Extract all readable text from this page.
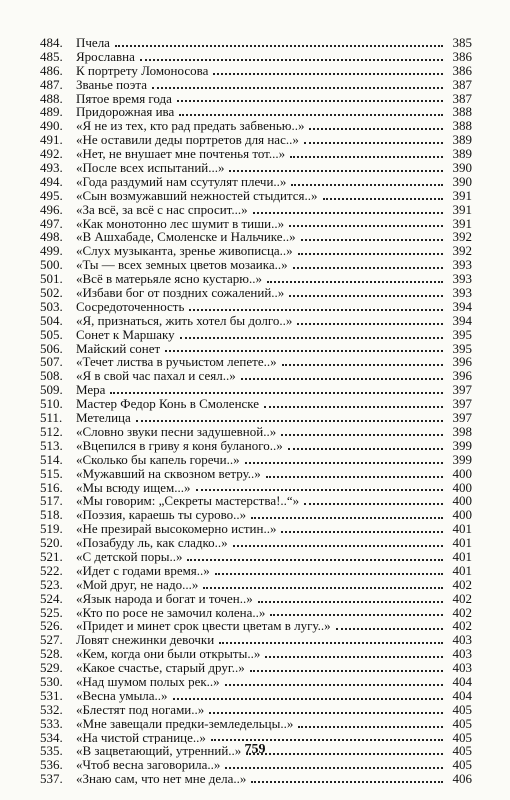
484.	Пчела	385
485.	Ярославна	386
486.	К портрету Ломоносова	386
487.	Званье поэта	387
488.	Пятое время года	387
489.	Придорожная ива	388
490.	«Я не из тех, кто рад предать забвенью..»	388
491.	«Не оставили деды портретов для нас..»	389
492.	«Нет, не внушает мне почтенья тот...»	389
493.	«После всех испытаний...»	390
494.	«Года раздумий нам ссутулят плечи..»	390
495.	«Сын возмужавший нежностей стыдится..»	391
496.	«За всё, за всё с нас спросит...»	391
497.	«Как монотонно лес шумит в тиши..»	391
498.	«В Ашхабаде, Смоленске и Нальчике..»	392
499.	«Слух музыканта, зренье живописца..»	392
500.	«Ты — всех земных цветов мозаика..»	393
501.	«Всё в матерьяле ясно кустарю..»	393
502.	«Избави бог от поздних сожалений..»	393
503.	Сосредоточенность	394
504.	«Я, признаться, жить хотел бы долго..»	394
505.	Сонет к Маршаку	395
506.	Майский сонет	395
507.	«Течет листва в ручьистом лепете..»	396
508.	«Я в свой час пахал и сеял..»	396
509.	Мера	397
510.	Мастер Федор Конь в Смоленске	397
511.	Метелица	397
512.	«Словно звуки песни задушевной..»	398
513.	«Вцепился в гриву я коня буланого..»	399
514.	«Сколько бы капель горечи..»	399
515.	«Мужавший на сквозном ветру..»	400
516.	«Мы всюду ищем...»	400
517.	«Мы говорим: „Секреты мастерства!..“»	400
518.	«Поэзия, караешь ты сурово..»	400
519.	«Не презирай высокомерно истин..»	401
520.	«Позабуду ль, как сладко..»	401
521.	«С детской поры..»	401
522.	«Идет с годами время..»	401
523.	«Мой друг, не надо...»	402
524.	«Язык народа и богат и точен..»	402
525.	«Кто по росе не замочил колена..»	402
526.	«Придет и минет срок цвести цветам в лугу..»	402
527.	Ловят снежинки девочки	403
528.	«Кем, когда они были открыты..»	403
529.	«Какое счастье, старый друг..»	403
530.	«Над шумом полых рек..»	404
531.	«Весна умыла..»	404
532.	«Блестят под ногами..»	405
533.	«Мне завещали предки-земледельцы..»	405
534.	«На чистой странице..»	405
535.	«В зацветающий, утренний..»	405
536.	«Чтоб весна заговорила..»	405
537.	«Знаю сам, что нет мне дела..»	406
759
